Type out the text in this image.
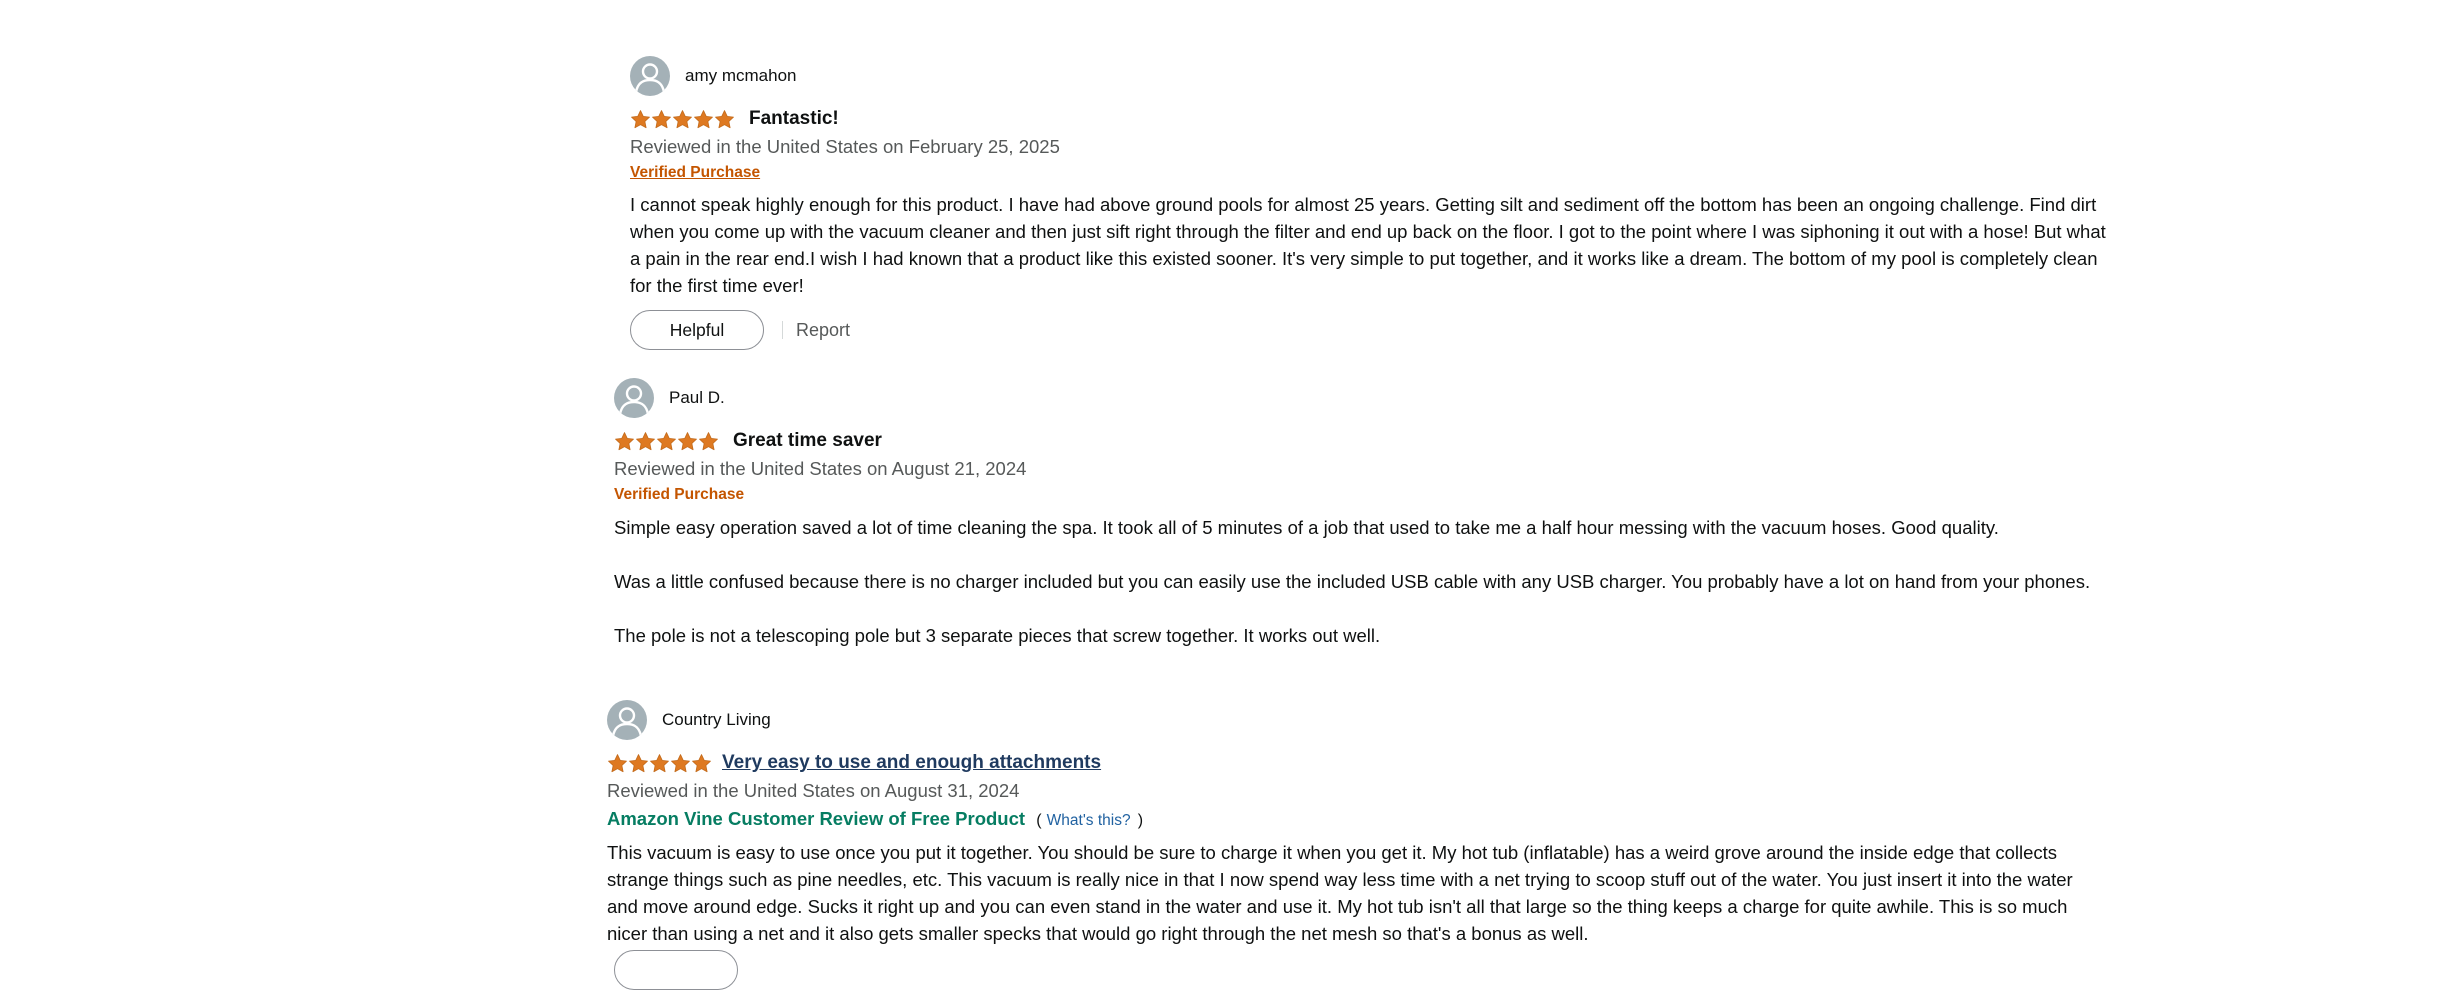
amy mcmahon
Fantastic!
Reviewed in the United States on February 25, 2025
Verified Purchase

I cannot speak highly enough for this product. I have had above ground pools for almost 25 years. Getting silt and sediment off the bottom has been an ongoing challenge. Find dirt when you come up with the vacuum cleaner and then just sift right through the filter and end up back on the floor. I got to the point where I was siphoning it out with a hose! But what a pain in the rear end.I wish I had known that a product like this existed sooner. It's very simple to put together, and it works like a dream. The bottom of my pool is completely clean for the first time ever!

Helpful	Report
Paul D.
Great time saver
Reviewed in the United States on August 21, 2024
Verified Purchase

Simple easy operation saved a lot of time cleaning the spa. It took all of 5 minutes of a job that used to take me a half hour messing with the vacuum hoses. Good quality.

Was a little confused because there is no charger included but you can easily use the included USB cable with any USB charger. You probably have a lot on hand from your phones.

The pole is not a telescoping pole but 3 separate pieces that screw together. It works out well.

Country Living
Very easy to use and enough attachments
Reviewed in the United States on August 31, 2024
Amazon Vine Customer Review of Free Product ( What's this? )

This vacuum is easy to use once you put it together. You should be sure to charge it when you get it. My hot tub (inflatable) has a weird grove around the inside edge that collects strange things such as pine needles, etc. This vacuum is really nice in that I now spend way less time with a net trying to scoop stuff out of the water. You just insert it into the water and move around edge. Sucks it right up and you can even stand in the water and use it. My hot tub isn't all that large so the thing keeps a charge for quite awhile. This is so much nicer than using a net and it also gets smaller specks that would go right through the net mesh so that's a bonus as well.
